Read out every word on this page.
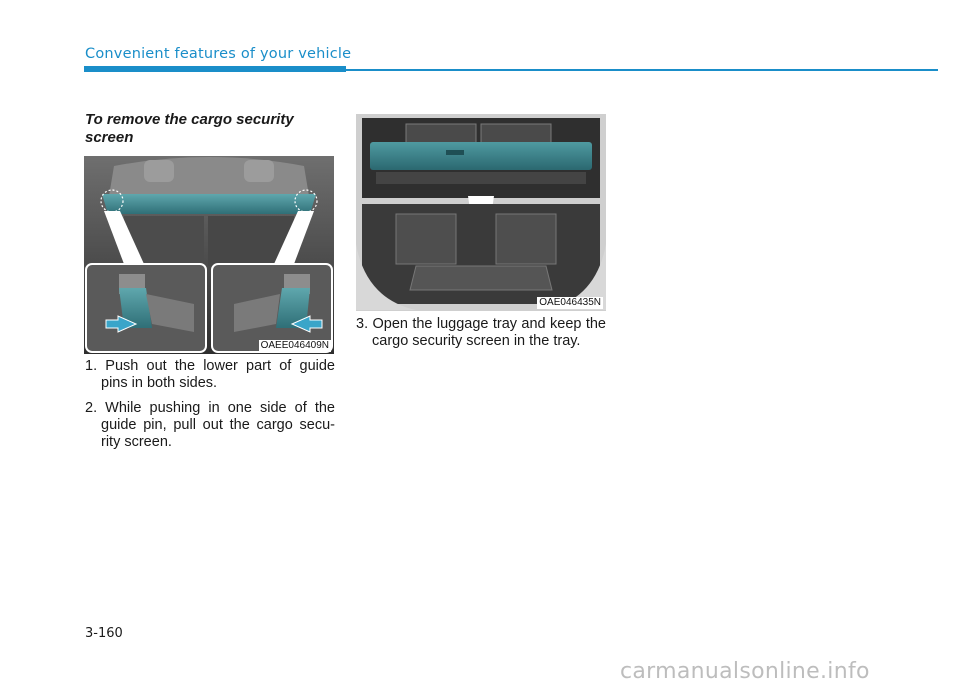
Convenient features of your vehicle
To remove the cargo security screen
OAEE046409N
OAE046435N

1. Push out the lower part of guide pins in both sides.

2. While pushing in one side of the guide pin, pull out the cargo secu-rity screen.

3. Open the luggage tray and keep the cargo security screen in the tray.

3-160
carmanualsonline.info
